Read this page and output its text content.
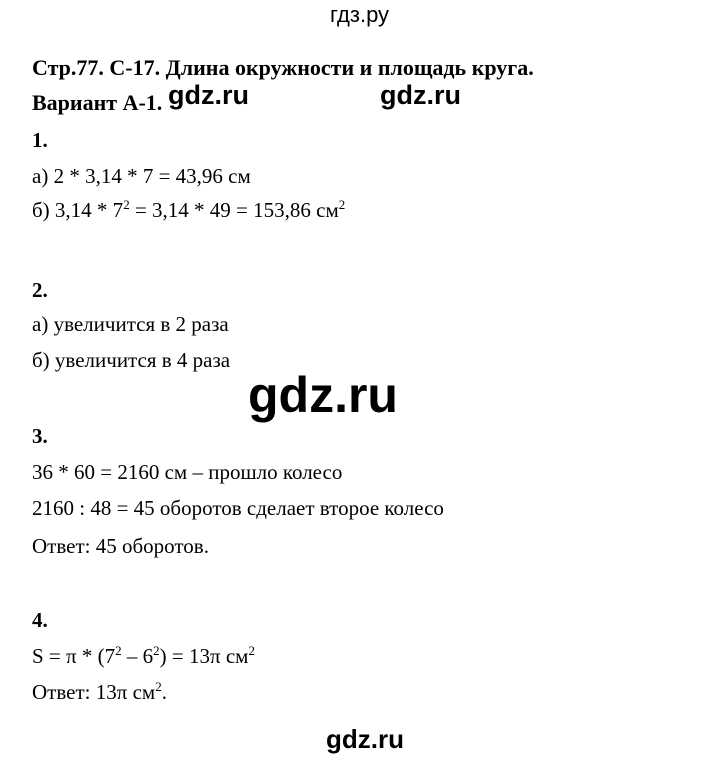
гдз.ру
Стр.77. С-17. Длина окружности и площадь круга.
Вариант А-1. gdz.ru	gdz.ru
1.
а) 2 * 3,14 * 7 = 43,96 см
б) $3,14 * 7^2 = 3,14 * 49 = 153,86$ $см^2$
2.
а) увеличится в 2 раза
б) увеличится в 4 раза
gdz.ru
3.
36 * 60 = 2160 см – прошло колесо
2160 : 48 = 45 оборотов сделает второе колесо
Ответ: 45 оборотов.
4.
$S = \pi * (7^2 - 6^2) = 13\pi$ $см^2$
Ответ: 13π $см^2$.
gdz.ru
